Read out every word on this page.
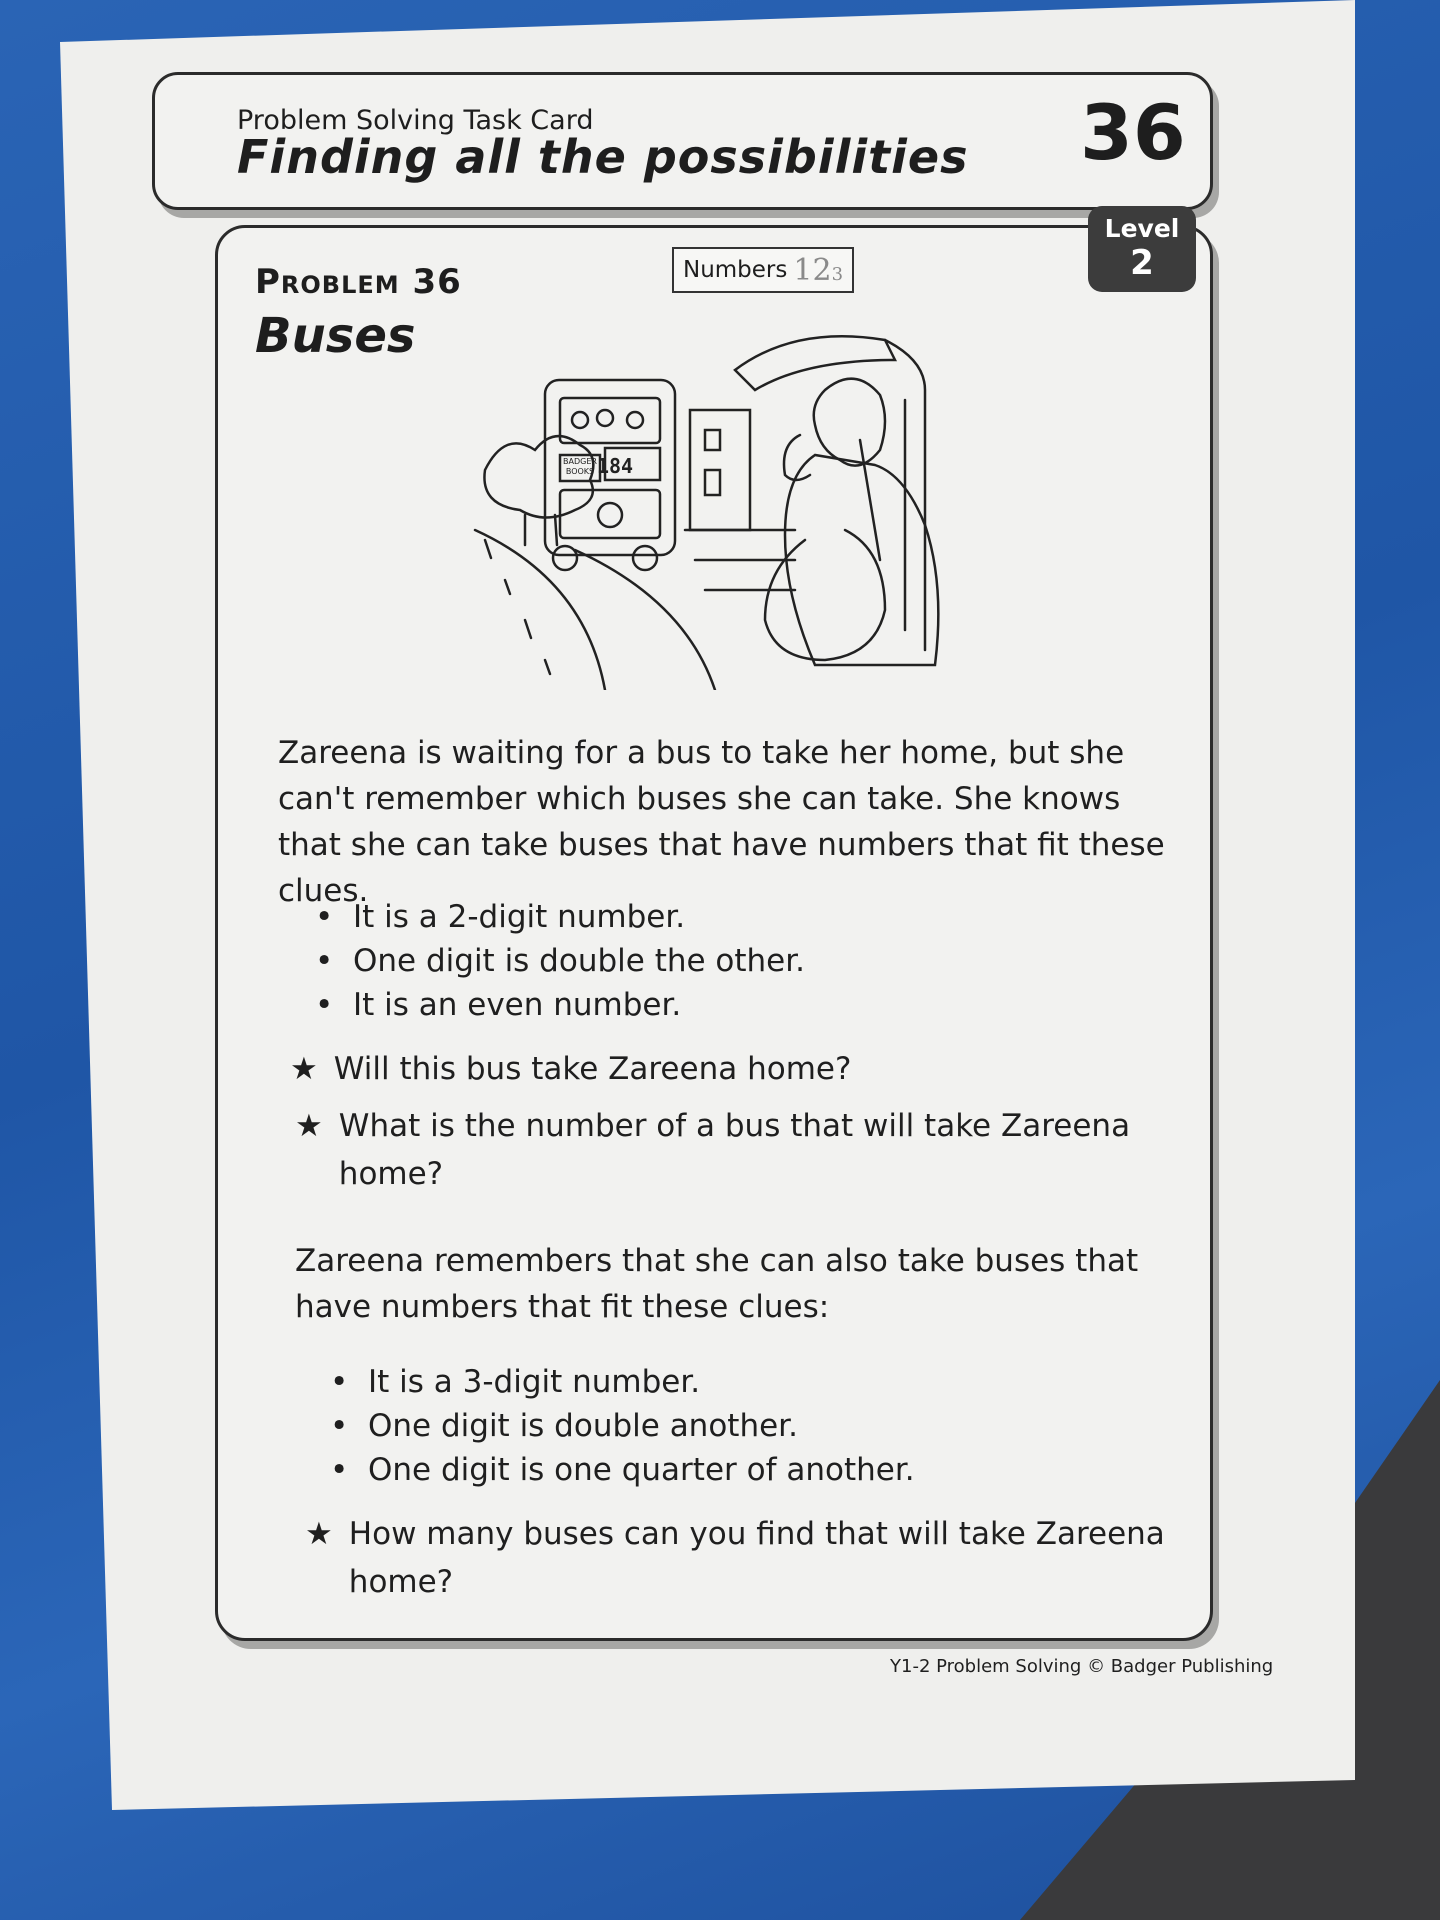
Problem Solving Task Card
Finding all the possibilities 36
Level
2
Problem 36
Buses
Numbers 123
184
BADGER
BOOKS

Zareena is waiting for a bus to take her home, but she can't remember which buses she can take. She knows that she can take buses that have numbers that fit these clues.

• It is a 2-digit number.
• One digit is double the other.
• It is an even number.
★ Will this bus take Zareena home?
★ What is the number of a bus that will take Zareena home?
Zareena remembers that she can also take buses that have numbers that fit these clues:
• It is a 3-digit number.
• One digit is double another.
• One digit is one quarter of another.
★ How many buses can you find that will take Zareena home?
Y1-2 Problem Solving © Badger Publishing
